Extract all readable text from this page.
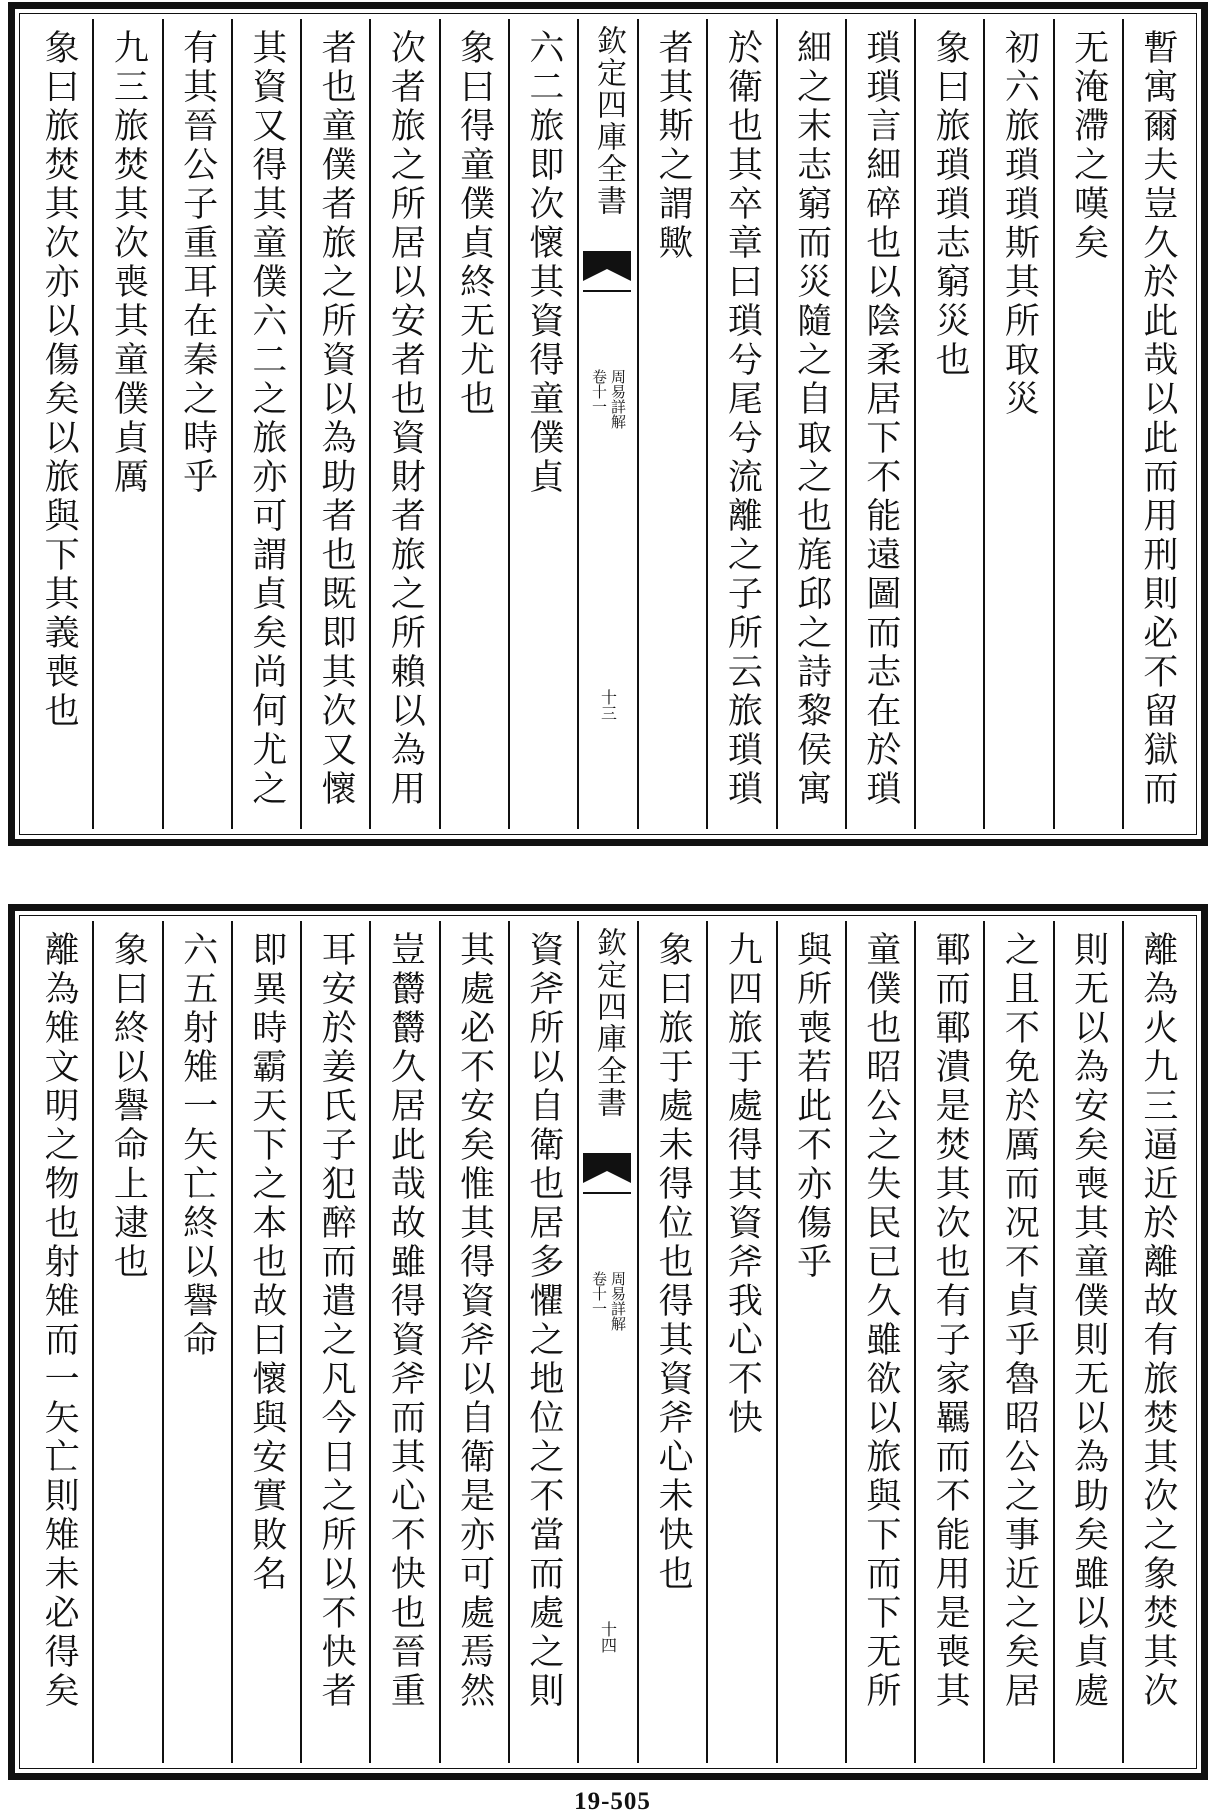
暫寓爾夫豈久於此哉以此而用刑則必不留獄而
无淹滯之嘆矣
初六旅瑣瑣斯其所取災
象曰旅瑣瑣志窮災也
瑣瑣言細碎也以陰柔居下不能遠圖而志在於瑣
細之末志窮而災隨之自取之也旄邱之詩黎侯寓
於衛也其卒章曰瑣兮尾兮流離之子所云旅瑣瑣
者其斯之謂歟
欽定四庫全書
周易詳解
卷十一
十三
六二旅即次懷其資得童僕貞
象曰得童僕貞終无尤也
次者旅之所居以安者也資財者旅之所賴以為用
者也童僕者旅之所資以為助者也既即其次又懷
其資又得其童僕六二之旅亦可謂貞矣尚何尤之
有其晉公子重耳在秦之時乎
九三旅焚其次喪其童僕貞厲
象曰旅焚其次亦以傷矣以旅與下其義喪也
離為火九三逼近於離故有旅焚其次之象焚其次
則无以為安矣喪其童僕則无以為助矣雖以貞處
之且不免於厲而况不貞乎魯昭公之事近之矣居
鄆而鄆潰是焚其次也有子家羈而不能用是喪其
童僕也昭公之失民已久雖欲以旅與下而下无所
與所喪若此不亦傷乎
九四旅于處得其資斧我心不快
象曰旅于處未得位也得其資斧心未快也
欽定四庫全書
周易詳解
卷十一
十四
資斧所以自衛也居多懼之地位之不當而處之則
其處必不安矣惟其得資斧以自衛是亦可處焉然
豈欝欝久居此哉故雖得資斧而其心不快也晉重
耳安於姜氏子犯醉而遣之凡今日之所以不快者
即異時霸天下之本也故曰懷與安實敗名
六五射雉一矢亡終以譽命
象曰終以譽命上逮也
離為雉文明之物也射雉而一矢亡則雉未必得矣
19-505
